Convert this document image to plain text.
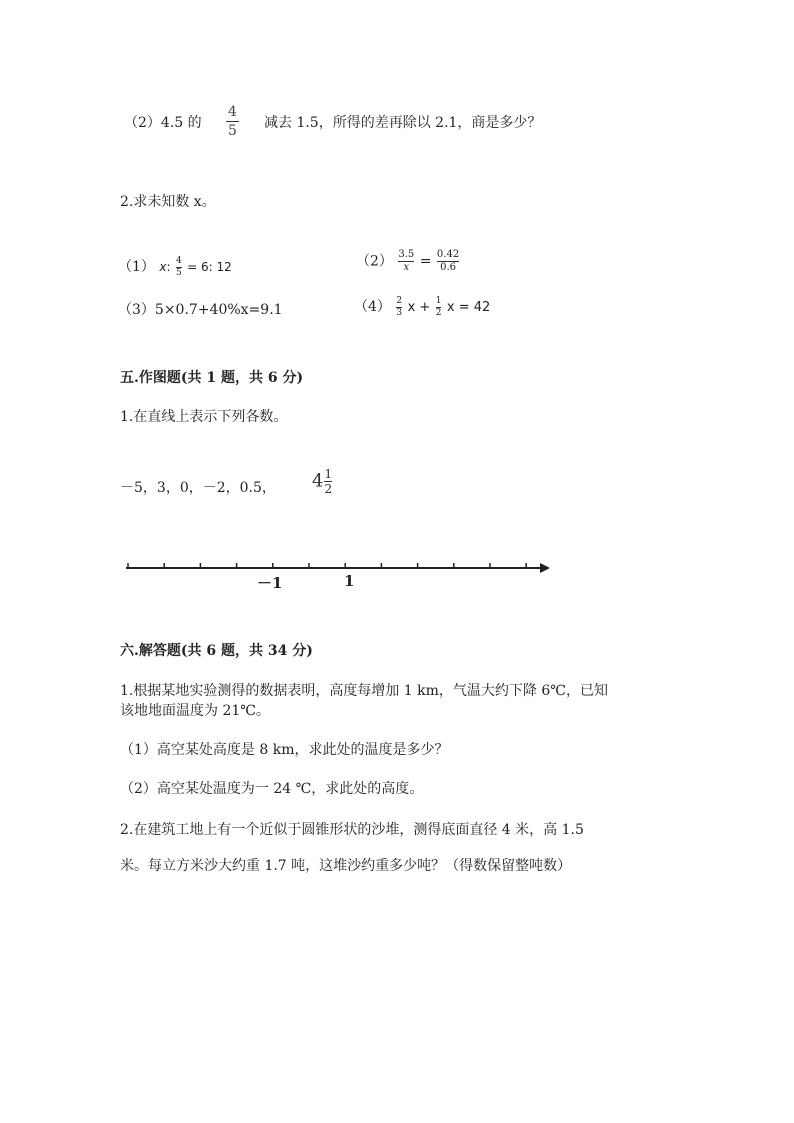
（2）4.5 的
4
5 减去 1.5，所得的差再除以 2.1，商是多少？
2.求未知数 x。
（1） x: $\frac{4}{5} = 6$: 12	$(2) \frac{3.5}{x} = \frac{0.42}{0.6}$
（3）5×0.7+40%x=9.1	$(4) \frac{2}{3}$ $x + \frac{1}{2}$ x = 42
五.作图题(共 1 题，共 6 分)
1.在直线上表示下列各数。
－5，3，0，－2，0.5， $4 \frac{1}{2}$
－1	1
六.解答题(共 6 题，共 34 分)
1.根据某地实验测得的数据表明，高度每增加 1 km，气温大约下降 6℃，已知
该地地面温度为 21℃。
（1）高空某处高度是 8 km，求此处的温度是多少？
（2）高空某处温度为一 24 ℃，求此处的高度。
2.在建筑工地上有一个近似于圆锥形状的沙堆，测得底面直径 4 米，高 1.5
米。每立方米沙大约重 1.7 吨，这堆沙约重多少吨？（得数保留整吨数）
